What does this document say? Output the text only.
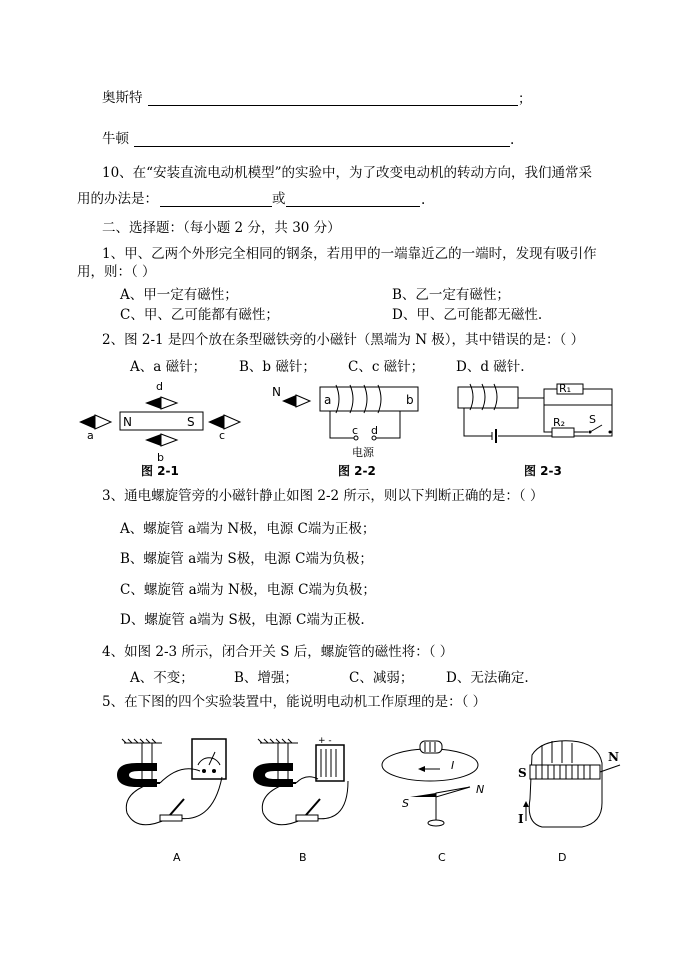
奥斯特	；
牛顿	.
10、在“安装直流电动机模型”的实验中，为了改变电动机的转动方向，我们通常采
用的办法是：	或	.
二、选择题：（每小题 2 分，共 30 分）
1、甲、乙两个外形完全相同的钢条，若用甲的一端靠近乙的一端时，发现有吸引作
用，则：（ ）
A、甲一定有磁性；	B、乙一定有磁性；
C、甲、乙可能都有磁性；	D、甲、乙可能都无磁性.
2、图 2-1 是四个放在条型磁铁旁的小磁针（黑端为 N 极），其中错误的是：（ ）
A、a 磁针； B、b 磁针； C、c 磁针； D、d 磁针.
N	S
a	c
d
b
图 2-1
N
a	b
c d
电源
图 2-2
R₁
R₂ S
图 2-3
3、通电螺旋管旁的小磁针静止如图 2-2 所示，则以下判断正确的是：（ ）
A、螺旋管 a端为 N极，电源 C端为正极；
B、螺旋管 a端为 S极，电源 C端为负极；
C、螺旋管 a端为 N极，电源 C端为负极；
D、螺旋管 a端为 S极，电源 C端为正极.
4、如图 2-3 所示，闭合开关 S 后，螺旋管的磁性将：（ ）
A、不变；	B、增强；	C、减弱； D、无法确定.
5、在下图的四个实验装置中，能说明电动机工作原理的是：（ ）
A
+ -
B
I
S
N
C
S
N
I
D
